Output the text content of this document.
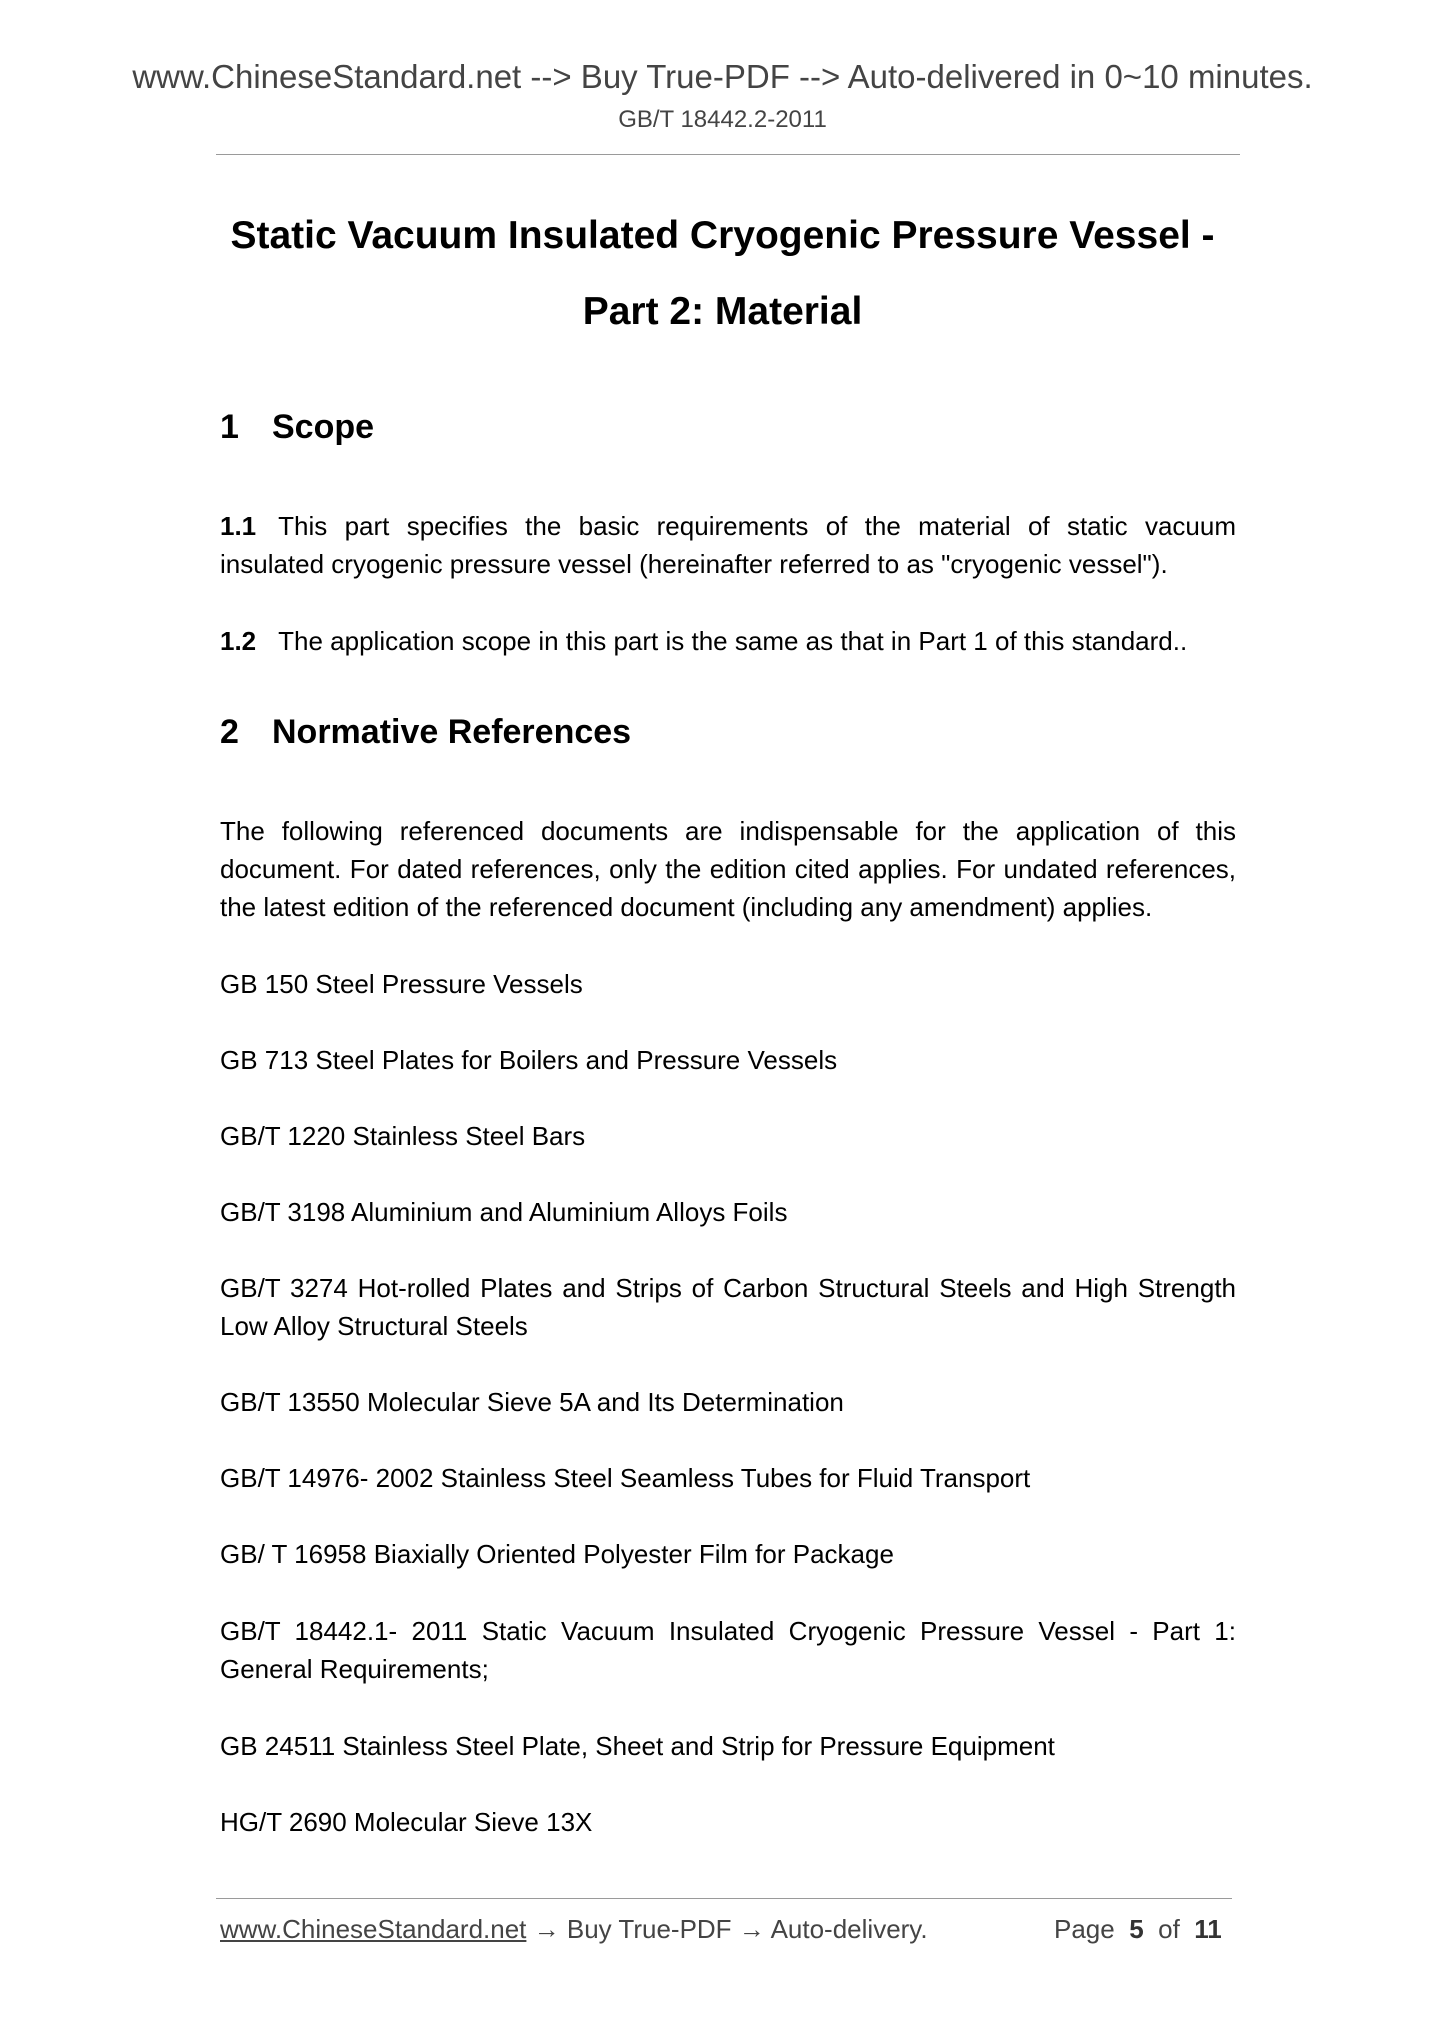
www.ChineseStandard.net --> Buy True-PDF --> Auto-delivered in 0~10 minutes.
GB/T 18442.2-2011
Static Vacuum Insulated Cryogenic Pressure Vessel -
Part 2: Material
1 Scope
1.1 This part specifies the basic requirements of the material of static vacuum insulated cryogenic pressure vessel (hereinafter referred to as "cryogenic vessel").
1.2 The application scope in this part is the same as that in Part 1 of this standard..
2 Normative References
The following referenced documents are indispensable for the application of this document. For dated references, only the edition cited applies. For undated references, the latest edition of the referenced document (including any amendment) applies.
GB 150 Steel Pressure Vessels
GB 713 Steel Plates for Boilers and Pressure Vessels
GB/T 1220 Stainless Steel Bars
GB/T 3198 Aluminium and Aluminium Alloys Foils
GB/T 3274 Hot-rolled Plates and Strips of Carbon Structural Steels and High Strength Low Alloy Structural Steels
GB/T 13550 Molecular Sieve 5A and Its Determination
GB/T 14976- 2002 Stainless Steel Seamless Tubes for Fluid Transport
GB/ T 16958 Biaxially Oriented Polyester Film for Package
GB/T 18442.1- 2011 Static Vacuum Insulated Cryogenic Pressure Vessel - Part 1: General Requirements;
GB 24511 Stainless Steel Plate, Sheet and Strip for Pressure Equipment
HG/T 2690 Molecular Sieve 13X
www.ChineseStandard.net → Buy True-PDF → Auto-delivery.	Page 5 of 11
